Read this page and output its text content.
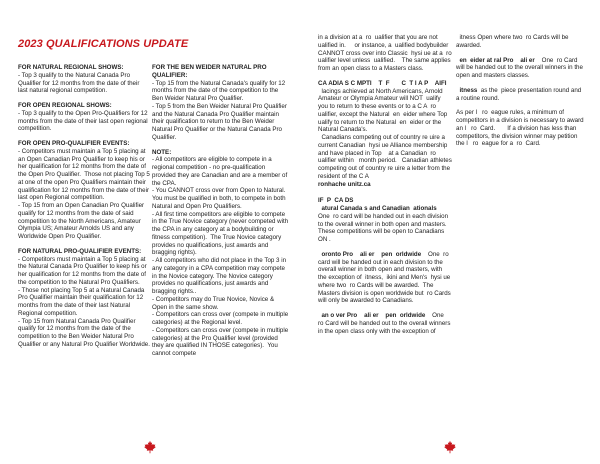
2023 QUALIFICATIONS UPDATE

FOR NATURAL REGIONAL SHOWS:

- Top 3 qualify to the Natural Canada Pro Qualifier for 12 months from the date of their last natural regional competition.

FOR OPEN REGIONAL SHOWS:

- Top 3 qualify to the Open Pro-Qualifiers for 12 months from the date of their last open regional competition.

FOR OPEN PRO-QUALIFIER EVENTS:

- Competitors must maintain a Top 5 placing at an Open Canadian Pro Qualifier to keep his or her qualification for 12 months from the date of the Open Pro Qualifier.  Those not placing Top 5 at one of the open Pro Qualifiers maintain their qualification for 12 months from the date of their last open Regional competition.

- Top 15 from an Open Canadian Pro Qualifier qualify for 12 months from the date of said competition to the North Americans, Amateur Olympia US; Amateur Arnolds US and any Worldwide Open Pro Qualifier.

FOR NATURAL PRO-QUALIFIER EVENTS:

- Competitors must maintain a Top 5 placing at the Natural Canada Pro Qualifier to keep his or her qualification for 12 months from the date of the competition to the Natural Pro Qualifiers.

- Those not placing Top 5 at a Natural Canada Pro Qualifier maintain their qualification for 12 months from the date of their last Natural Regional competition.

- Top 15 from Natural Canada Pro Qualifier qualify for 12 months from the date of the competition to the Ben Weider Natural Pro Qualifier or any Natural Pro Qualifier Worldwide.

FOR THE BEN WEIDER NATURAL PRO QUALIFIER:

- Top 15 from the Natural Canada's qualify for 12 months from the date of the competition to the Ben Weider Natural Pro Qualifier.

- Top 5 from the Ben Weider Natural Pro Qualifier and the Natural Canada Pro Qualifier maintain their qualification to return to the Ben Weider Natural Pro Qualifier or the Natural Canada Pro Qualifier.

NOTE:

- All competitors are eligible to compete in a regional competition - no pre-qualification provided they are Canadian and are a member of the CPA.

- You CANNOT cross over from Open to Natural. You must be qualified in both, to compete in both Natural and Open Pro Qualifiers.

- All first time competitors are eligible to compete in the True Novice category (never competed with the CPA in any category at a bodybuilding or fitness competition).  The True Novice category provides no qualifications, just awards and bragging rights).

- All competitors who did not place in the Top 3 in any category in a CPA competition may compete in the Novice category. The Novice category provides no qualifications, just awards and bragging rights..

- Competitors may do True Novice, Novice & Open in the same show.

- Competitors can cross over (compete in multiple categories) at the Regional level.

- Competitors can cross over (compete in multiple categories) at the Pro Qualifier level (provided they are qualified IN THOSE categories).  You cannot compete

in a division at a  ro  ualifier that you are not  ualified in.     or instance, a  ualified bodybuilder CANNOT cross over into Classic  hysi ue at a  ro  ualifier level unless  ualified.    The same applies from an open class to a Masters class.

CA ADIA S C MPTI    T  F       C  T I A P    AIFI

lacings achieved at North Americans, Arnold Amateur or Olympia Amateur will NOT  ualify you to return to these events or to a C A  ro  ualifier, except the Natural  en  eider where Top    ualify to return to the Natural  en  eider or the Natural Canada's.

Canadians competing out of country re uire a current Canadian  hysi ue Alliance membership and have placed in Top    at a Canadian  ro  ualifier within   month period.   Canadian athletes competing out of country re uire a letter from the  resident of the C A

ronhache unitz.ca

IF  P  CA DS

atural Canada s and Canadian  ationals    One  ro card will be handed out in each division to the overall winner in both open and masters.   These competitions will be open to Canadians ON .

oronto Pro    ali er    pen  orldwide    One  ro card will be handed out in each division to the overall winner in both open and masters, with the exception of  itness,  ikini and Men's  hysi ue where two  ro Cards will be awarded.  The Masters division is open worldwide but  ro Cards will only be awarded to Canadians.

an o ver Pro    ali er    pen  orldwide    One  ro Card will be handed out to the overall winners in the open class only with the exception of

itness Open where two  ro Cards will be awarded.

en  eider at ral Pro    ali er    One  ro Card will be handed out to the overall winners in the open and masters classes.

itness  as the  piece presentation round and a routine round.

As per l   ro  eague rules, a minimum of    competitors in a division is necessary to award an l   ro  Card.       If a division has less than    competitors, the division winner may petition the l   ro  eague for a  ro  Card.
